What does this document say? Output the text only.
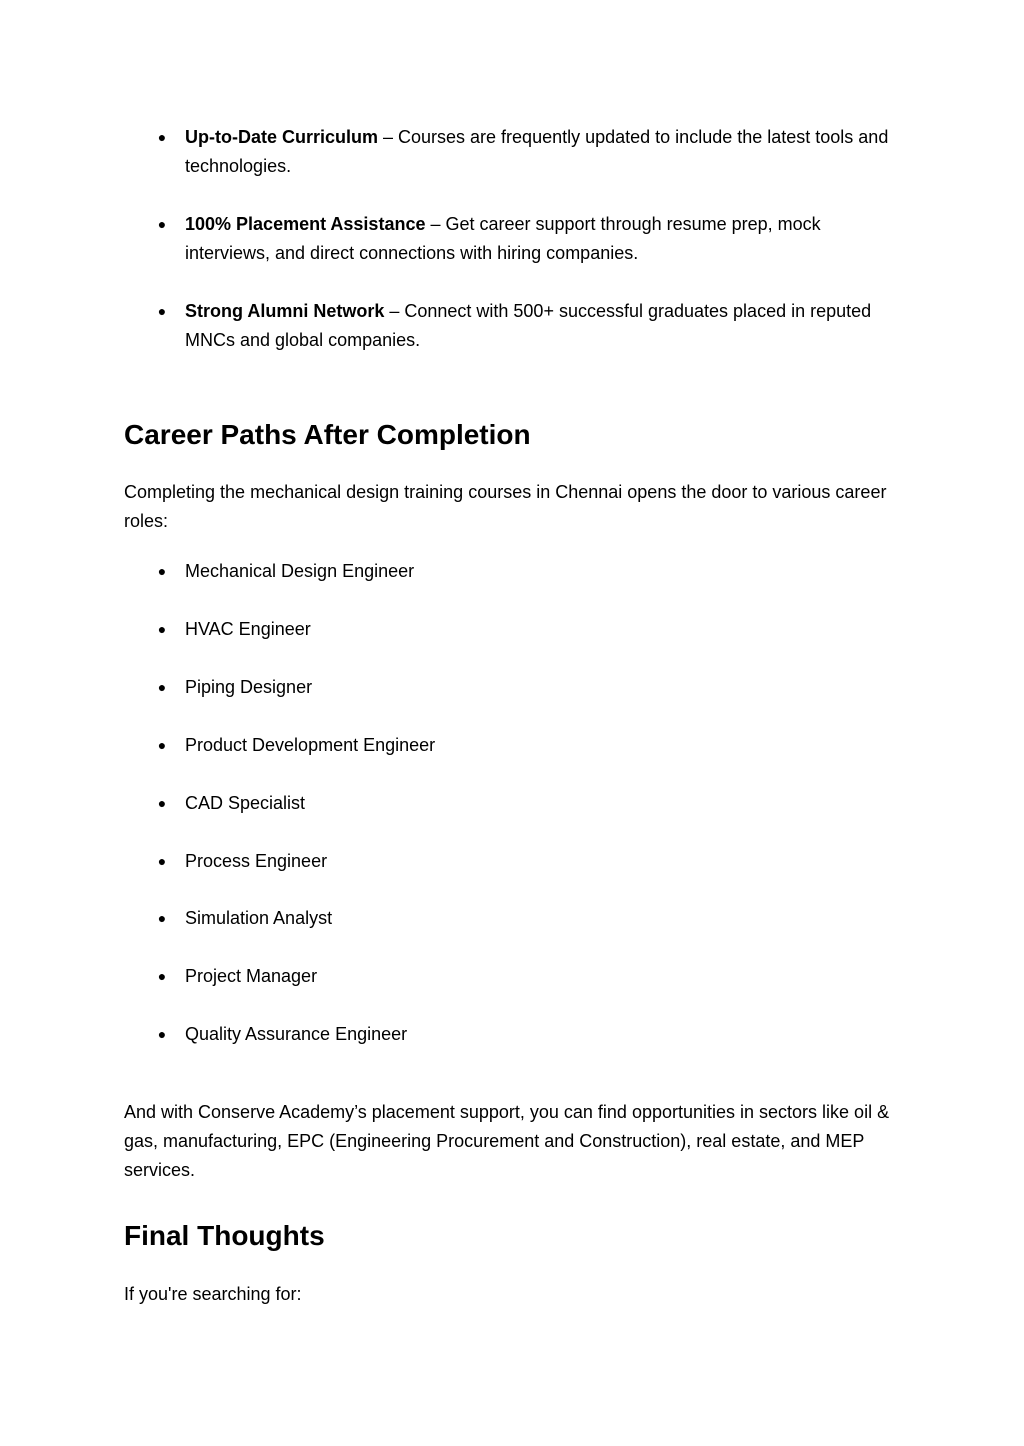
● Up-to-Date Curriculum – Courses are frequently updated to include the latest tools and technologies.
● 100% Placement Assistance – Get career support through resume prep, mock interviews, and direct connections with hiring companies.
● Strong Alumni Network – Connect with 500+ successful graduates placed in reputed MNCs and global companies.
Career Paths After Completion

Completing the mechanical design training courses in Chennai opens the door to various career roles:

● Mechanical Design Engineer
● HVAC Engineer
● Piping Designer
● Product Development Engineer
● CAD Specialist
● Process Engineer
● Simulation Analyst
● Project Manager
● Quality Assurance Engineer

And with Conserve Academy’s placement support, you can find opportunities in sectors like oil & gas, manufacturing, EPC (Engineering Procurement and Construction), real estate, and MEP services.

Final Thoughts

If you're searching for:
